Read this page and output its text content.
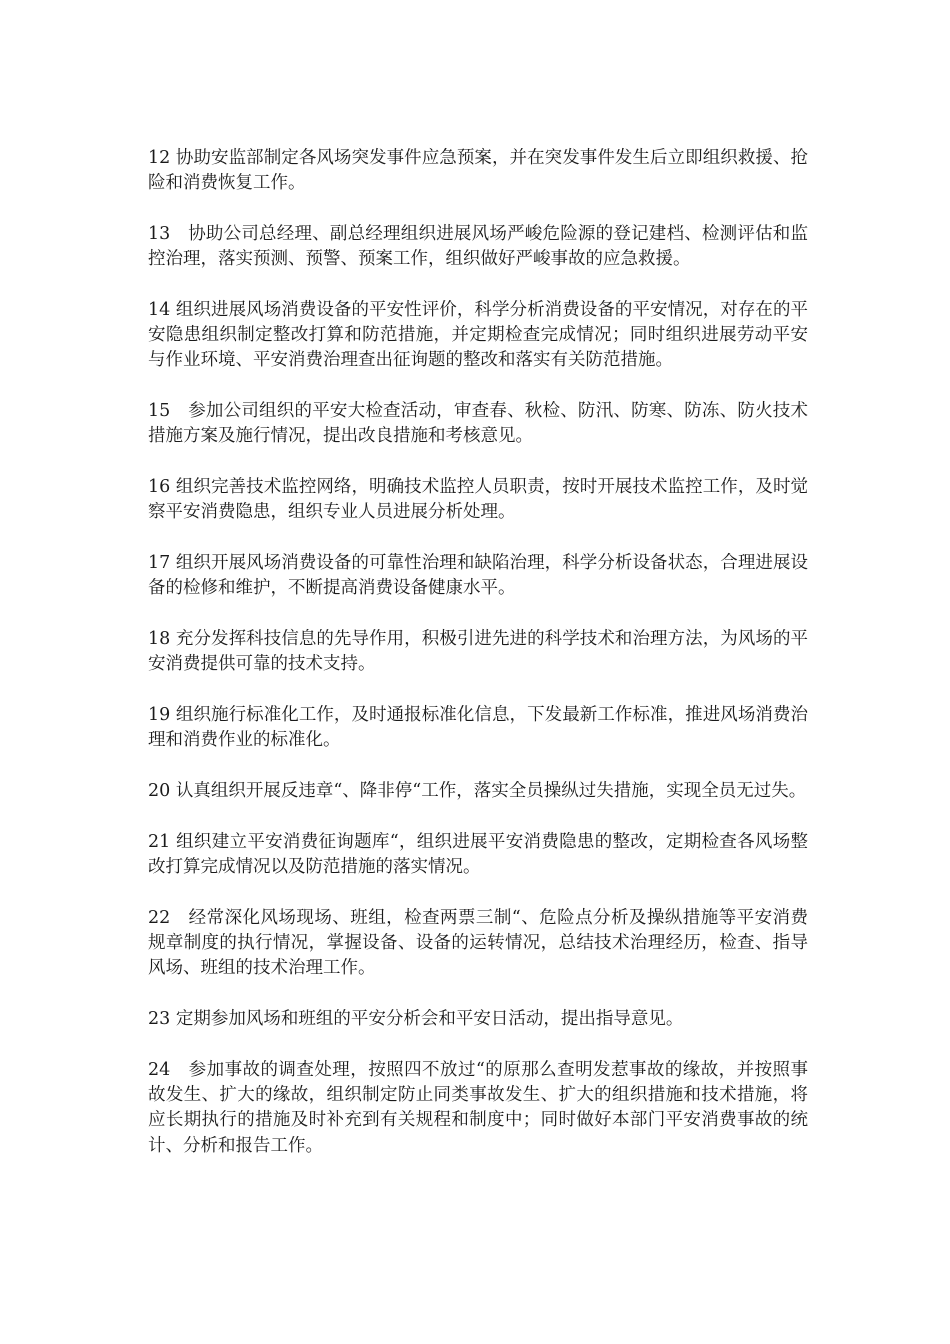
12 协助安监部制定各风场突发事件应急预案，并在突发事件发生后立即组织救援、抢险和消费恢复工作。

13　协助公司总经理、副总经理组织进展风场严峻危险源的登记建档、检测评估和监控治理，落实预测、预警、预案工作，组织做好严峻事故的应急救援。

14 组织进展风场消费设备的平安性评价，科学分析消费设备的平安情况，对存在的平安隐患组织制定整改打算和防范措施，并定期检查完成情况；同时组织进展劳动平安与作业环境、平安消费治理查出征询题的整改和落实有关防范措施。

15　参加公司组织的平安大检查活动，审查春、秋检、防汛、防寒、防冻、防火技术措施方案及施行情况，提出改良措施和考核意见。

16 组织完善技术监控网络，明确技术监控人员职责，按时开展技术监控工作，及时觉察平安消费隐患，组织专业人员进展分析处理。

17 组织开展风场消费设备的可靠性治理和缺陷治理，科学分析设备状态，合理进展设备的检修和维护，不断提高消费设备健康水平。

18 充分发挥科技信息的先导作用，积极引进先进的科学技术和治理方法，为风场的平安消费提供可靠的技术支持。

19 组织施行标准化工作，及时通报标准化信息，下发最新工作标准，推进风场消费治理和消费作业的标准化。

20 认真组织开展反违章“、降非停“工作，落实全员操纵过失措施，实现全员无过失。

21 组织建立平安消费征询题库“，组织进展平安消费隐患的整改，定期检查各风场整改打算完成情况以及防范措施的落实情况。

22　经常深化风场现场、班组，检查两票三制“、危险点分析及操纵措施等平安消费规章制度的执行情况，掌握设备、设备的运转情况，总结技术治理经历，检查、指导风场、班组的技术治理工作。

23 定期参加风场和班组的平安分析会和平安日活动，提出指导意见。

24　参加事故的调查处理，按照四不放过“的原那么查明发惹事故的缘故，并按照事故发生、扩大的缘故，组织制定防止同类事故发生、扩大的组织措施和技术措施，将应长期执行的措施及时补充到有关规程和制度中；同时做好本部门平安消费事故的统计、分析和报告工作。
